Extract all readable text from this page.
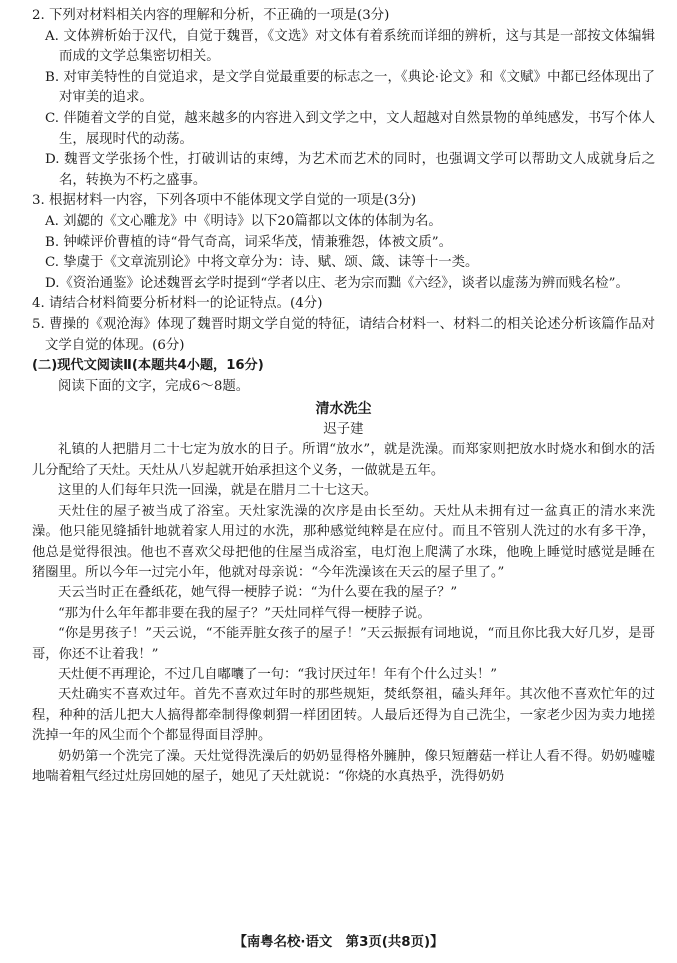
2. 下列对材料相关内容的理解和分析，不正确的一项是(3分)

A. 文体辨析始于汉代，自觉于魏晋，《文选》对文体有着系统而详细的辨析，这与其是一部按文体编辑而成的文学总集密切相关。

B. 对审美特性的自觉追求，是文学自觉最重要的标志之一，《典论·论文》和《文赋》中都已经体现出了对审美的追求。

C. 伴随着文学的自觉，越来越多的内容进入到文学之中，文人超越对自然景物的单纯感发，书写个体人生，展现时代的动荡。

D. 魏晋文学张扬个性，打破训诂的束缚，为艺术而艺术的同时，也强调文学可以帮助文人成就身后之名，转换为不朽之盛事。

3. 根据材料一内容，下列各项中不能体现文学自觉的一项是(3分)

A. 刘勰的《文心雕龙》中《明诗》以下20篇都以文体的体制为名。

B. 钟嵘评价曹植的诗“骨气奇高，词采华茂，情兼雅怨，体被文质”。

C. 挚虞于《文章流别论》中将文章分为：诗、赋、颂、箴、诔等十一类。

D.《资治通鉴》论述魏晋玄学时提到“学者以庄、老为宗而黜《六经》，谈者以虚荡为辨而贱名检”。

4. 请结合材料简要分析材料一的论证特点。(4分)

5. 曹操的《观沧海》体现了魏晋时期文学自觉的特征，请结合材料一、材料二的相关论述分析该篇作品对文学自觉的体现。(6分)

(二)现代文阅读Ⅱ(本题共4小题，16分)

阅读下面的文字，完成6～8题。

清水洗尘

迟子建

礼镇的人把腊月二十七定为放水的日子。所谓“放水”，就是洗澡。而郑家则把放水时烧水和倒水的活儿分配给了天灶。天灶从八岁起就开始承担这个义务，一做就是五年。

这里的人们每年只洗一回澡，就是在腊月二十七这天。

天灶住的屋子被当成了浴室。天灶家洗澡的次序是由长至幼。天灶从未拥有过一盆真正的清水来洗澡。他只能见缝插针地就着家人用过的水洗，那种感觉纯粹是在应付。而且不管别人洗过的水有多干净，他总是觉得很浊。他也不喜欢父母把他的住屋当成浴室，电灯泡上爬满了水珠，他晚上睡觉时感觉是睡在猪圈里。所以今年一过完小年，他就对母亲说：“今年洗澡该在天云的屋子里了。”

天云当时正在叠纸花，她气得一梗脖子说：“为什么要在我的屋子？”

“那为什么年年都非要在我的屋子？”天灶同样气得一梗脖子说。

“你是男孩子！”天云说，“不能弄脏女孩子的屋子！”天云振振有词地说，“而且你比我大好几岁，是哥哥，你还不让着我！”

天灶便不再理论，不过几自嘟囔了一句：“我讨厌过年！年有个什么过头！”

天灶确实不喜欢过年。首先不喜欢过年时的那些规矩，焚纸祭祖，磕头拜年。其次他不喜欢忙年的过程，种种的活儿把大人搞得都牵制得像刺猬一样团团转。人最后还得为自己洗尘，一家老少因为卖力地搓洗掉一年的风尘而个个都显得面目浮肿。

奶奶第一个洗完了澡。天灶觉得洗澡后的奶奶显得格外臃肿，像只短蘑菇一样让人看不得。奶奶嘘嘘地喘着粗气经过灶房回她的屋子，她见了天灶就说：“你烧的水真热乎，洗得奶奶

【南粤名校·语文　第3页(共8页)】
